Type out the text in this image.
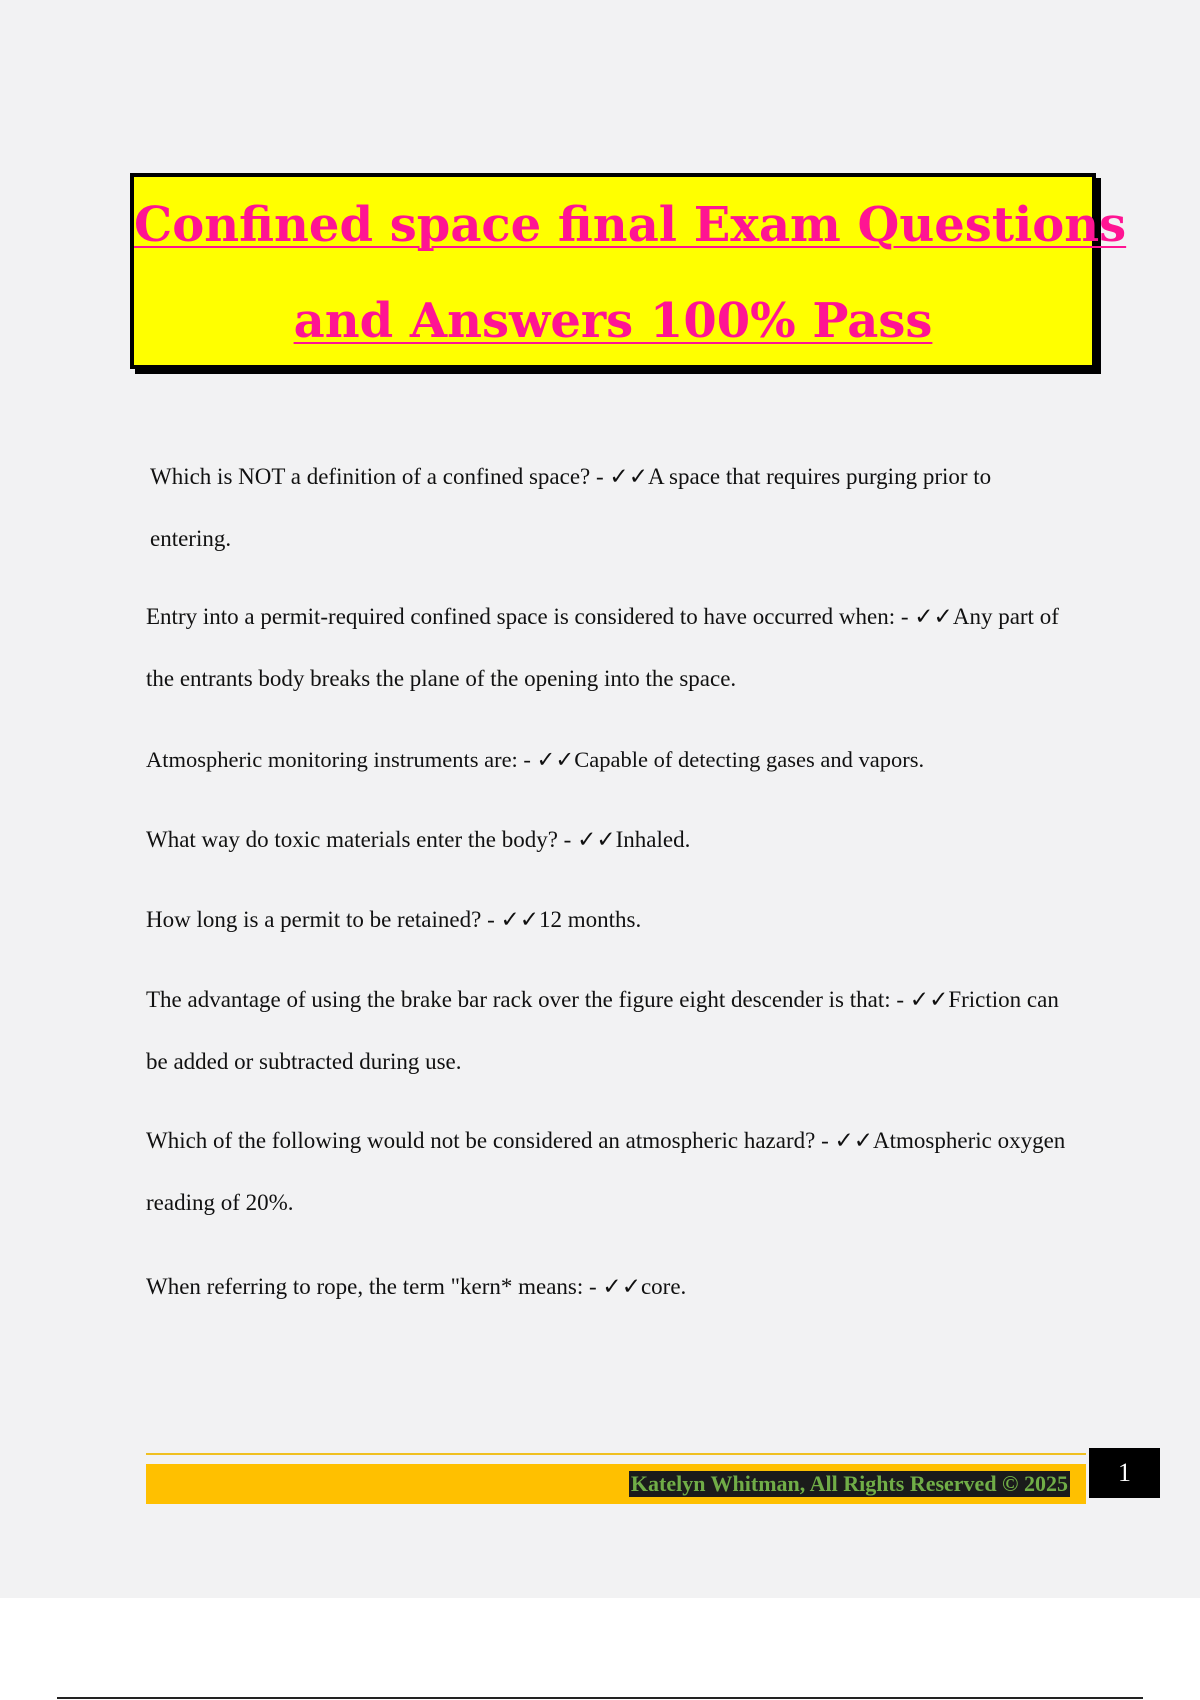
Confined space final Exam Questions
and Answers 100% Pass

Which is NOT a definition of a confined space? - ✓✓A space that requires purging prior to entering.

Entry into a permit-required confined space is considered to have occurred when: - ✓✓Any part of the entrants body breaks the plane of the opening into the space.

Atmospheric monitoring instruments are: - ✓✓Capable of detecting gases and vapors.

What way do toxic materials enter the body? - ✓✓Inhaled.

How long is a permit to be retained? - ✓✓12 months.

The advantage of using the brake bar rack over the figure eight descender is that: - ✓✓Friction can be added or subtracted during use.

Which of the following would not be considered an atmospheric hazard? - ✓✓Atmospheric oxygen reading of 20%.

When referring to rope, the term "kern* means: - ✓✓core.

Katelyn Whitman, All Rights Reserved © 2025	1
